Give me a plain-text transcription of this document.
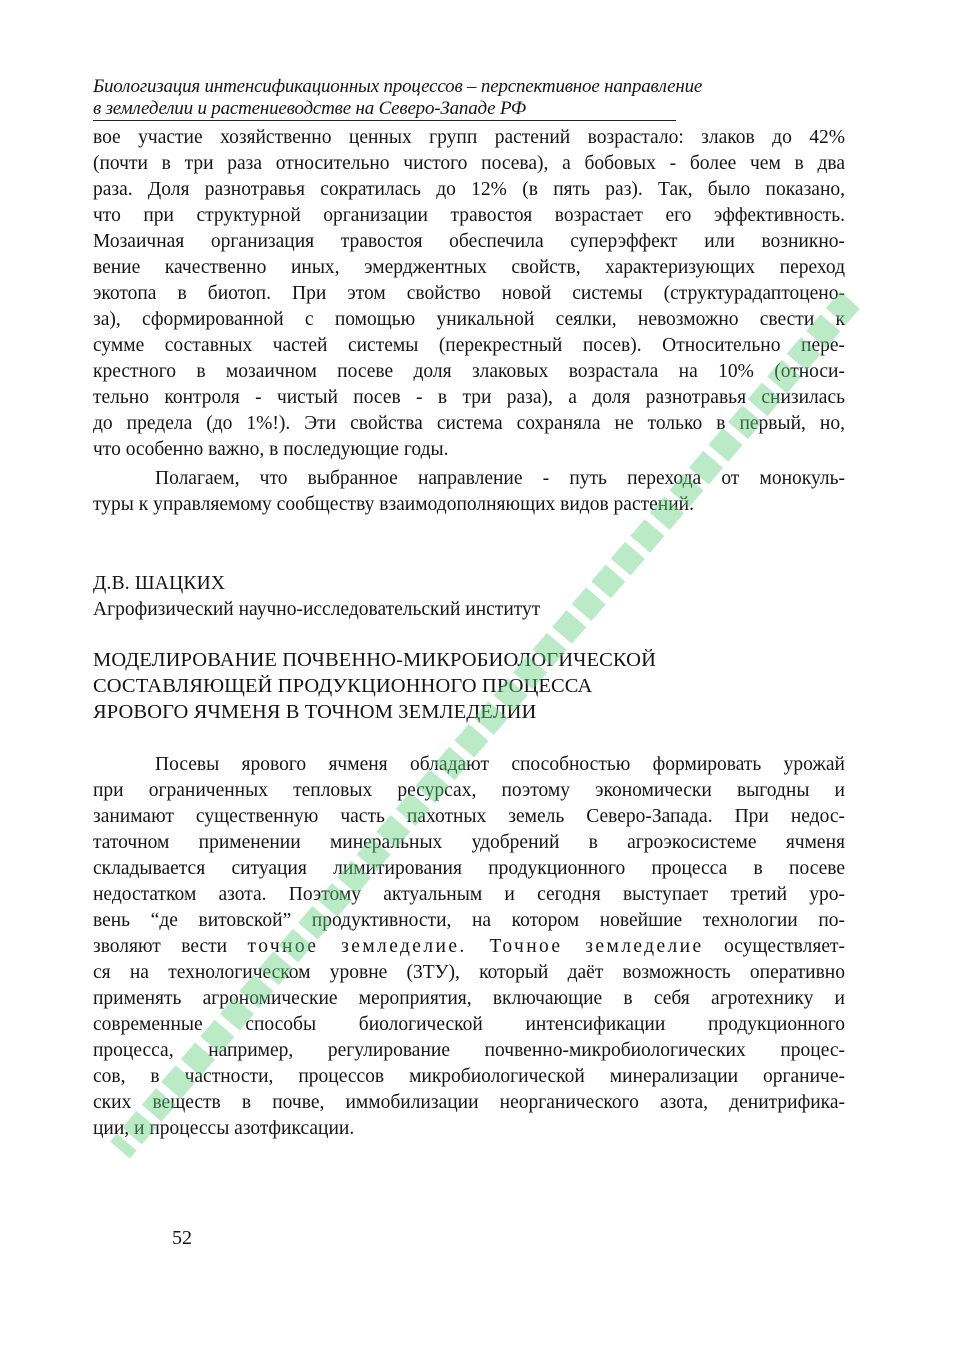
Биологизация интенсификационных процессов – перспективное направление
в земледелии и растениеводстве на Северо-Западе РФ
вое участие хозяйственно ценных групп растений возрастало: злаков до 42%
(почти в три раза относительно чистого посева), а бобовых - более чем в два
раза. Доля разнотравья сократилась до 12% (в пять раз). Так, было показано,
что при структурной организации травостоя возрастает его эффективность.
Мозаичная организация травостоя обеспечила суперэффект или возникно-
вение качественно иных, эмерджентных свойств, характеризующих переход
экотопа в биотоп. При этом свойство новой системы (структурадаптоцено-
за), сформированной с помощью уникальной сеялки, невозможно свести к
сумме составных частей системы (перекрестный посев). Относительно пере-
крестного в мозаичном посеве доля злаковых возрастала на 10% (относи-
тельно контроля - чистый посев - в три раза), а доля разнотравья снизилась
до предела (до 1%!). Эти свойства система сохраняла не только в первый, но,
что особенно важно, в последующие годы.
Полагаем, что выбранное направление - путь перехода от монокуль-
туры к управляемому сообществу взаимодополняющих видов растений.
Д.В. ШАЦКИХ
Агрофизический научно-исследовательский институт
МОДЕЛИРОВАНИЕ ПОЧВЕННО-МИКРОБИОЛОГИЧЕСКОЙ
СОСТАВЛЯЮЩЕЙ ПРОДУКЦИОННОГО ПРОЦЕССА
ЯРОВОГО ЯЧМЕНЯ В ТОЧНОМ ЗЕМЛЕДЕЛИИ
Посевы ярового ячменя обладают способностью формировать урожай
при ограниченных тепловых ресурсах, поэтому экономически выгодны и
занимают существенную часть пахотных земель Северо-Запада. При недос-
таточном применении минеральных удобрений в агроэкосистеме ячменя
складывается ситуация лимитирования продукционного процесса в посеве
недостатком азота. Поэтому актуальным и сегодня выступает третий уро-
вень “де витовской” продуктивности, на котором новейшие технологии по-
зволяют вести точное земледелие. Точное земледелие осуществляет-
ся на технологическом уровне (3ТУ), который даёт возможность оперативно
применять агрономические мероприятия, включающие в себя агротехнику и
современные способы биологической интенсификации продукционного
процесса, например, регулирование почвенно-микробиологических процес-
сов, в частности, процессов микробиологической минерализации органиче-
ских веществ в почве, иммобилизации неорганического азота, денитрифика-
ции, и процессы азотфиксации.
52
